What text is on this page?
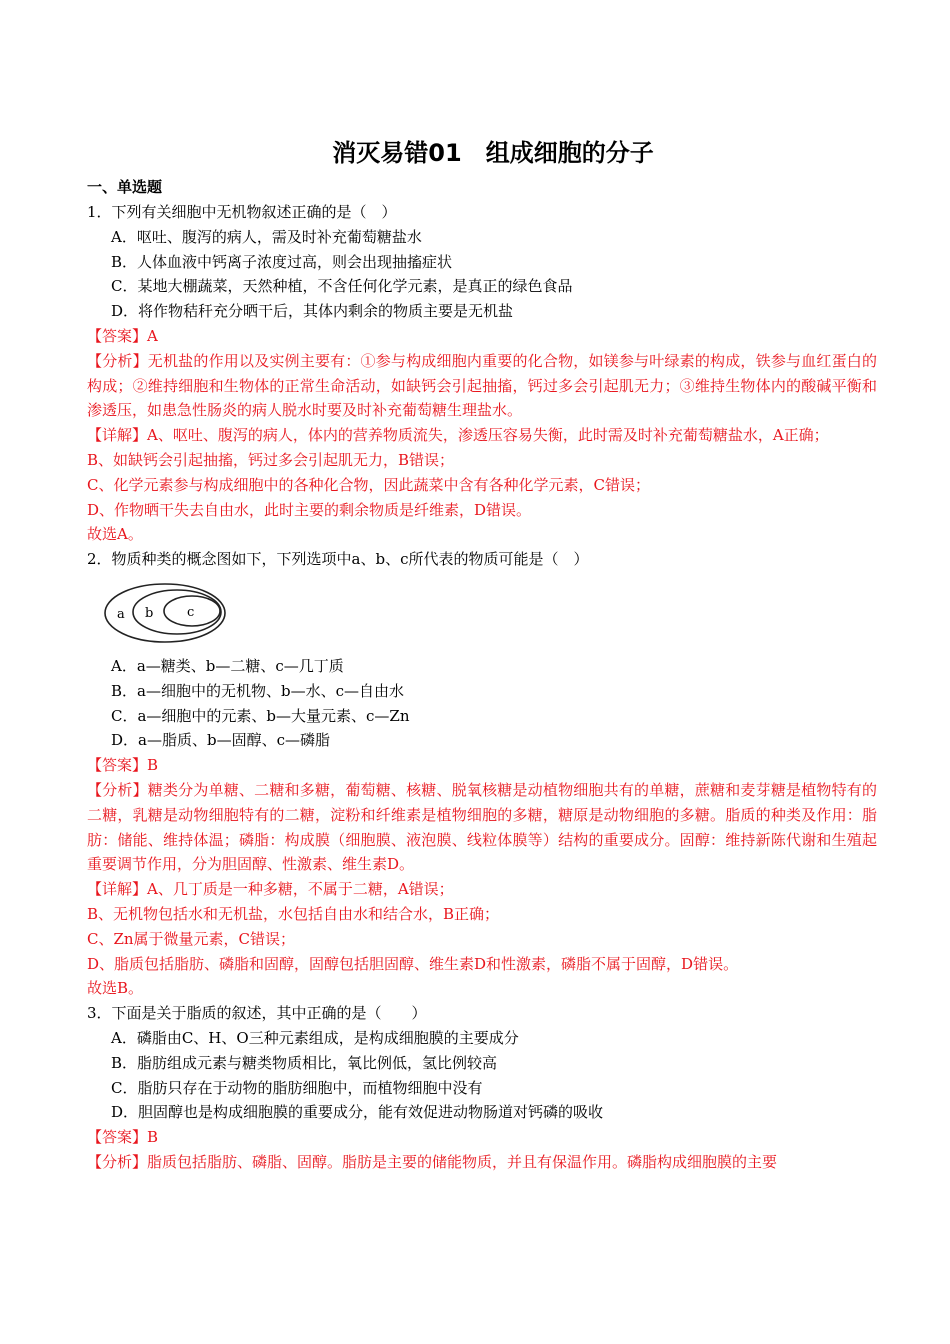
消灭易错01　组成细胞的分子
一、单选题

1．下列有关细胞中无机物叙述正确的是（　）

A．呕吐、腹泻的病人，需及时补充葡萄糖盐水

B．人体血液中钙离子浓度过高，则会出现抽搐症状

C．某地大棚蔬菜，天然种植，不含任何化学元素，是真正的绿色食品

D．将作物秸秆充分晒干后，其体内剩余的物质主要是无机盐

【答案】A

【分析】无机盐的作用以及实例主要有：①参与构成细胞内重要的化合物，如镁参与叶绿素的构成，铁参与血红蛋白的构成；②维持细胞和生物体的正常生命活动，如缺钙会引起抽搐，钙过多会引起肌无力；③维持生物体内的酸碱平衡和渗透压，如患急性肠炎的病人脱水时要及时补充葡萄糖生理盐水。

【详解】A、呕吐、腹泻的病人，体内的营养物质流失，渗透压容易失衡，此时需及时补充葡萄糖盐水，A正确；

B、如缺钙会引起抽搐，钙过多会引起肌无力，B错误；

C、化学元素参与构成细胞中的各种化合物，因此蔬菜中含有各种化学元素，C错误；

D、作物晒干失去自由水，此时主要的剩余物质是纤维素，D错误。

故选A。

2．物质种类的概念图如下，下列选项中a、b、c所代表的物质可能是（　）

a b	c

A．a—糖类、b—二糖、c—几丁质

B．a—细胞中的无机物、b—水、c—自由水

C．a—细胞中的元素、b—大量元素、c—Zn

D．a—脂质、b—固醇、c—磷脂

【答案】B

【分析】糖类分为单糖、二糖和多糖，葡萄糖、核糖、脱氧核糖是动植物细胞共有的单糖，蔗糖和麦芽糖是植物特有的二糖，乳糖是动物细胞特有的二糖，淀粉和纤维素是植物细胞的多糖，糖原是动物细胞的多糖。脂质的种类及作用：脂肪：储能、维持体温；磷脂：构成膜（细胞膜、液泡膜、线粒体膜等）结构的重要成分。固醇：维持新陈代谢和生殖起重要调节作用，分为胆固醇、性激素、维生素D。

【详解】A、几丁质是一种多糖，不属于二糖，A错误；

B、无机物包括水和无机盐，水包括自由水和结合水，B正确；

C、Zn属于微量元素，C错误；

D、脂质包括脂肪、磷脂和固醇，固醇包括胆固醇、维生素D和性激素，磷脂不属于固醇，D错误。

故选B。

3．下面是关于脂质的叙述，其中正确的是（　　）

A．磷脂由C、H、O三种元素组成，是构成细胞膜的主要成分

B．脂肪组成元素与糖类物质相比，氧比例低，氢比例较高

C．脂肪只存在于动物的脂肪细胞中，而植物细胞中没有

D．胆固醇也是构成细胞膜的重要成分，能有效促进动物肠道对钙磷的吸收

【答案】B

【分析】脂质包括脂肪、磷脂、固醇。脂肪是主要的储能物质，并且有保温作用。磷脂构成细胞膜的主要
